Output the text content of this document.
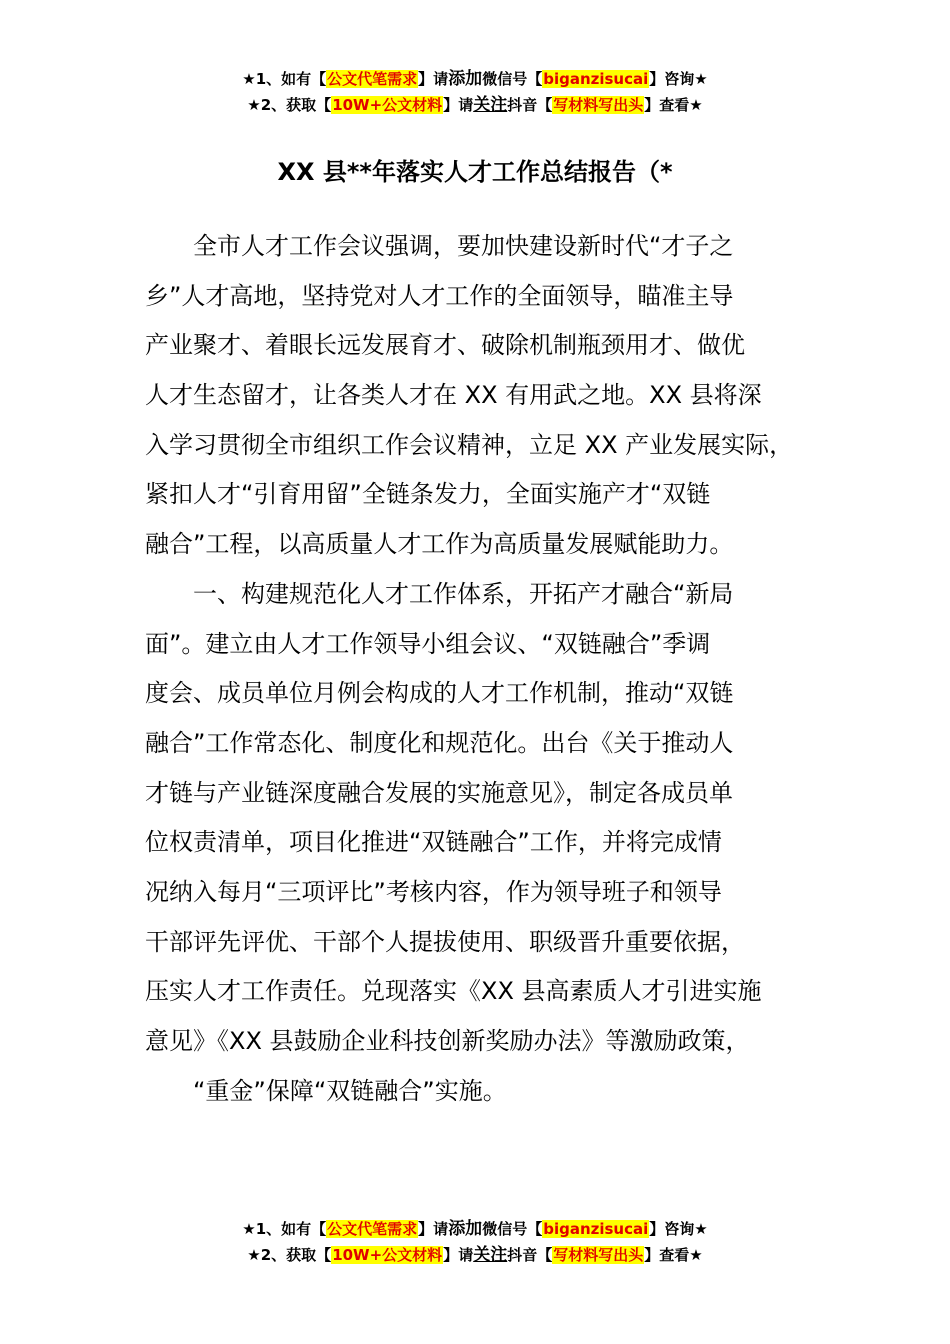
★1、如有【公文代笔需求】请添加微信号【biganzisucai】咨询★
★2、获取【10W+公文材料】请关注抖音【写材料写出头】查看★
XX 县**年落实人才工作总结报告（*
全市人才工作会议强调，要加快建设新时代“才子之
乡”人才高地，坚持党对人才工作的全面领导，瞄准主导
产业聚才、着眼长远发展育才、破除机制瓶颈用才、做优
人才生态留才，让各类人才在 XX 有用武之地。XX 县将深
入学习贯彻全市组织工作会议精神，立足 XX 产业发展实际，
紧扣人才“引育用留”全链条发力，全面实施产才“双链
融合”工程，以高质量人才工作为高质量发展赋能助力。
一、构建规范化人才工作体系，开拓产才融合“新局
面”。建立由人才工作领导小组会议、“双链融合”季调
度会、成员单位月例会构成的人才工作机制，推动“双链
融合”工作常态化、制度化和规范化。出台《关于推动人
才链与产业链深度融合发展的实施意见》，制定各成员单
位权责清单，项目化推进“双链融合”工作，并将完成情
况纳入每月“三项评比”考核内容，作为领导班子和领导
干部评先评优、干部个人提拔使用、职级晋升重要依据，
压实人才工作责任。兑现落实《XX 县高素质人才引进实施
意见》《XX 县鼓励企业科技创新奖励办法》等激励政策，
“重金”保障“双链融合”实施。
★1、如有【公文代笔需求】请添加微信号【biganzisucai】咨询★
★2、获取【10W+公文材料】请关注抖音【写材料写出头】查看★
